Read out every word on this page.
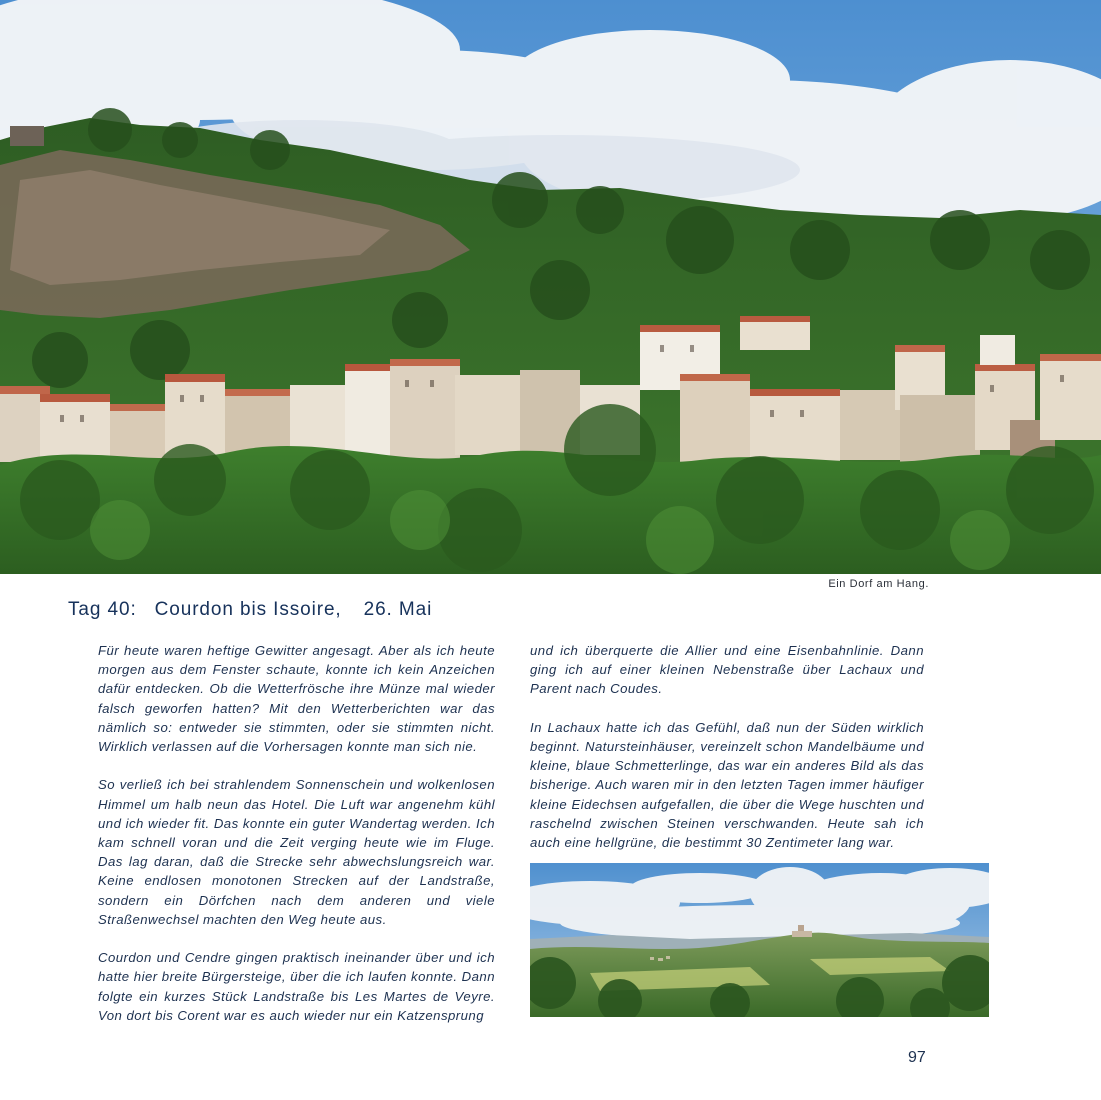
Ein Dorf am Hang.
Tag 40: Courdon bis Issoire, 26. Mai

Für heute waren heftige Gewitter angesagt. Aber als ich heute morgen aus dem Fenster schaute, konnte ich kein Anzeichen dafür entdecken. Ob die Wetterfrösche ihre Münze mal wieder falsch geworfen hatten? Mit den Wetterberichten war das nämlich so: entweder sie stimmten, oder sie stimmten nicht. Wirklich verlassen auf die Vorhersagen konnte man sich nie.

So verließ ich bei strahlendem Sonnenschein und wolkenlosen Himmel um halb neun das Hotel. Die Luft war angenehm kühl und ich wieder fit. Das konnte ein guter Wandertag werden. Ich kam schnell voran und die Zeit verging heute wie im Fluge. Das lag daran, daß die Strecke sehr abwechslungsreich war. Keine endlosen monotonen Strecken auf der Landstraße, sondern ein Dörfchen nach dem anderen und viele Straßenwechsel machten den Weg heute aus.

Courdon und Cendre gingen praktisch ineinander über und ich hatte hier breite Bürgersteige, über die ich laufen konnte. Dann folgte ein kurzes Stück Landstraße bis Les Martes de Veyre. Von dort bis Corent war es auch wieder nur ein Katzensprung

und ich überquerte die Allier und eine Eisenbahnlinie. Dann ging ich auf einer kleinen Nebenstraße über Lachaux und Parent nach Coudes.

In Lachaux hatte ich das Gefühl, daß nun der Süden wirklich beginnt. Natursteinhäuser, vereinzelt schon Mandelbäume und kleine, blaue Schmetterlinge, das war ein anderes Bild als das bisherige. Auch waren mir in den letzten Tagen immer häufiger kleine Eidechsen aufgefallen, die über die Wege huschten und raschelnd zwischen Steinen verschwanden. Heute sah ich auch eine hellgrüne, die bestimmt 30 Zentimeter lang war.

97
